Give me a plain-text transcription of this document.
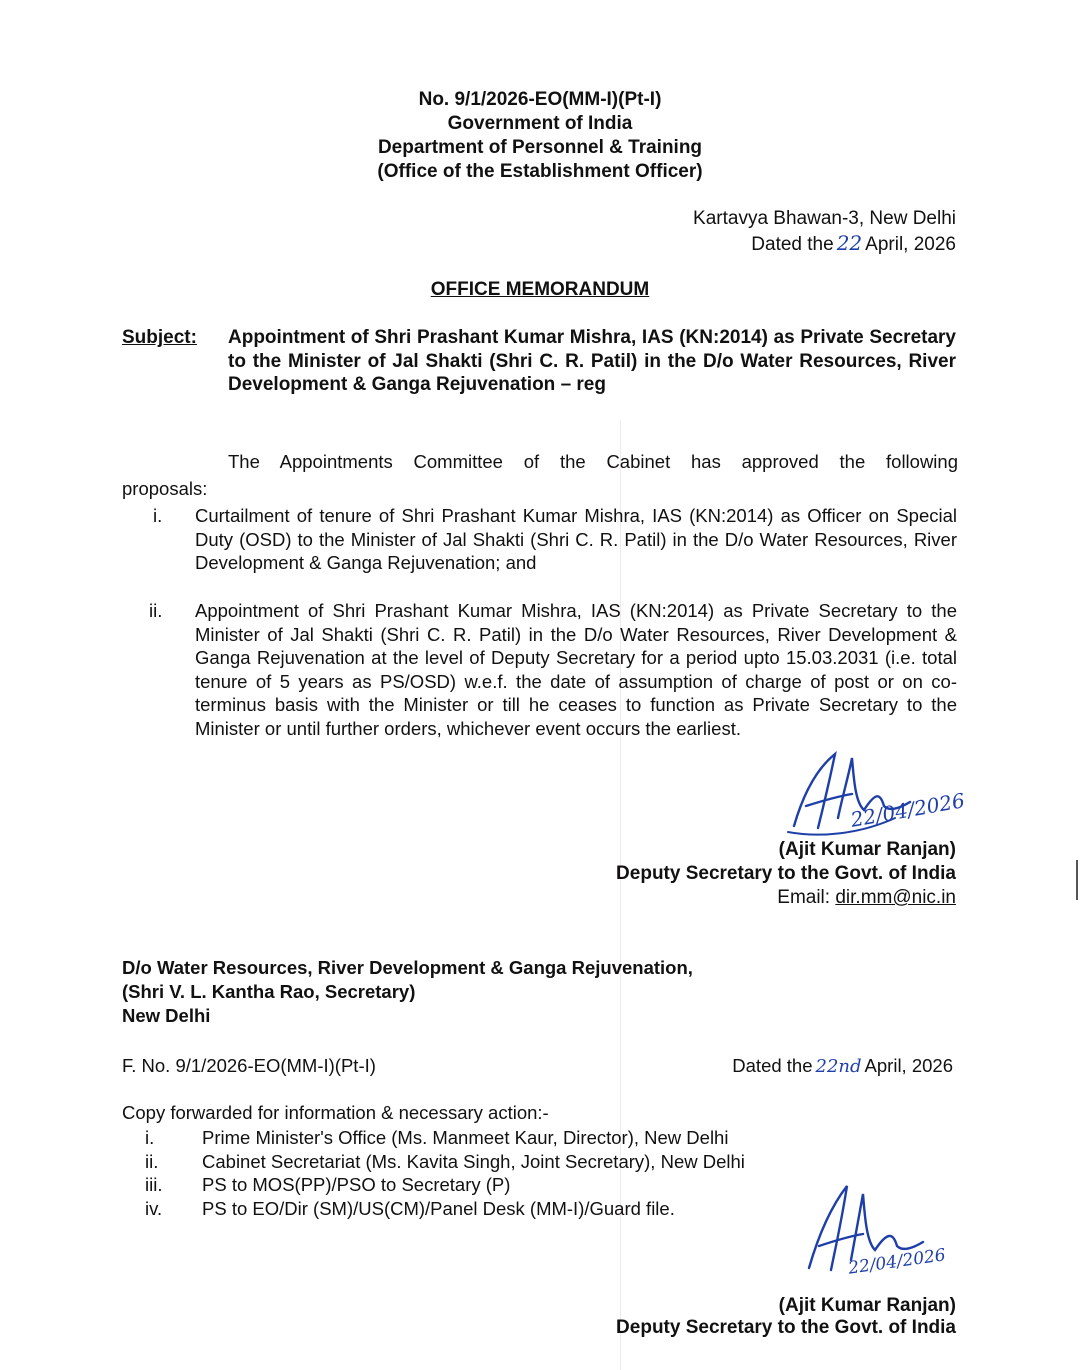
No. 9/1/2026-EO(MM-I)(Pt-I)
Government of India
Department of Personnel & Training
(Office of the Establishment Officer)
Kartavya Bhawan-3, New Delhi
Dated the 22 April, 2026
OFFICE MEMORANDUM
Subject: Appointment of Shri Prashant Kumar Mishra, IAS (KN:2014) as Private Secretary to the Minister of Jal Shakti (Shri C. R. Patil) in the D/o Water Resources, River Development & Ganga Rejuvenation – reg
The Appointments Committee of the Cabinet has approved the following
proposals:
i. Curtailment of tenure of Shri Prashant Kumar Mishra, IAS (KN:2014) as Officer on Special Duty (OSD) to the Minister of Jal Shakti (Shri C. R. Patil) in the D/o Water Resources, River Development & Ganga Rejuvenation; and
ii. Appointment of Shri Prashant Kumar Mishra, IAS (KN:2014) as Private Secretary to the Minister of Jal Shakti (Shri C. R. Patil) in the D/o Water Resources, River Development & Ganga Rejuvenation at the level of Deputy Secretary for a period upto 15.03.2031 (i.e. total tenure of 5 years as PS/OSD) w.e.f. the date of assumption of charge of post or on co-terminus basis with the Minister or till he ceases to function as Private Secretary to the Minister or until further orders, whichever event occurs the earliest.
22/04/2026
(Ajit Kumar Ranjan)
Deputy Secretary to the Govt. of India
Email: dir.mm@nic.in
D/o Water Resources, River Development & Ganga Rejuvenation,
(Shri V. L. Kantha Rao, Secretary)
New Delhi
F. No. 9/1/2026-EO(MM-I)(Pt-I)	Dated the 22nd April, 2026
Copy forwarded for information & necessary action:-
i.	Prime Minister's Office (Ms. Manmeet Kaur, Director), New Delhi
ii.	Cabinet Secretariat (Ms. Kavita Singh, Joint Secretary), New Delhi
iii.	PS to MOS(PP)/PSO to Secretary (P)
iv.	PS to EO/Dir (SM)/US(CM)/Panel Desk (MM-I)/Guard file.
22/04/2026
(Ajit Kumar Ranjan)
Deputy Secretary to the Govt. of India
